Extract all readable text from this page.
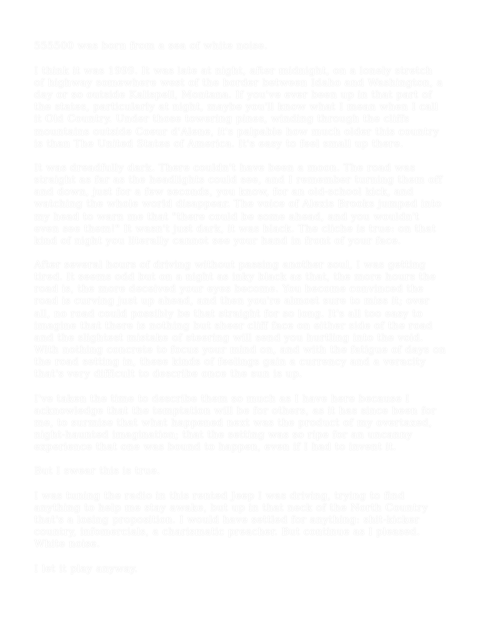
555500 was born from a sea of white noise.

I think it was 1999. It was late at night, after midnight, on a lonely stretch of highway somewhere west of the border between Idaho and Washington, a day or so outside Kalispell, Montana. If you've ever been up in that part of the states, particularly at night, maybe you'll know what I mean when I call it Old Country. Under those towering pines, winding through the cliffs mountains outside Coeur d'Alene, it's palpable how much older this country is than The United States of America. It's easy to feel small up there.

It was dreadfully dark. There couldn't have been a moon. The road was straight as far as the headlights could see, and I remember turning them off and down, just for a few seconds, you know, for an old-school kick, and watching the whole world disappear. The voice of Alexis Brooks jumped into my head to warn me that "there could be some ahead, and you wouldn't even see them!" It wasn't just dark, it was black. The cliche is true: on that kind of night you literally cannot see your hand in front of your face.

After several hours of driving without passing another soul, I was getting tired. It seems odd but on a night as inky black as that, the more hours the road is, the more deceived your eyes become. You become convinced the road is curving just up ahead, and then you're almost sure to miss it; over all, no road could possibly be that straight for so long. It's all too easy to imagine that there is nothing but sheer cliff face on either side of the road and the slightest mistake of steering will send you hurtling into the void. With nothing concrete to focus your mind on, and with the fatigue of days on the road setting in, these kinds of feelings gain a currency and a veracity that's very difficult to describe once the sun is up.

I've taken the time to describe them so much as I have here because I acknowledge that the temptation will be for others, as it has since been for me, to surmise that what happened next was the product of my overtaxed, night-haunted imagination; that the setting was so ripe for an uncanny experience that one was bound to happen, even if I had to invent it.

But I swear this is true.

I was tuning the radio in this rented Jeep I was driving, trying to find anything to help me stay awake, but up in that neck of the North Country that's a losing proposition. I would have settled for anything: shit-kicker country, infomercials, a charismatic preacher. But continue as I pleased. White noise.

I let it play anyway.
